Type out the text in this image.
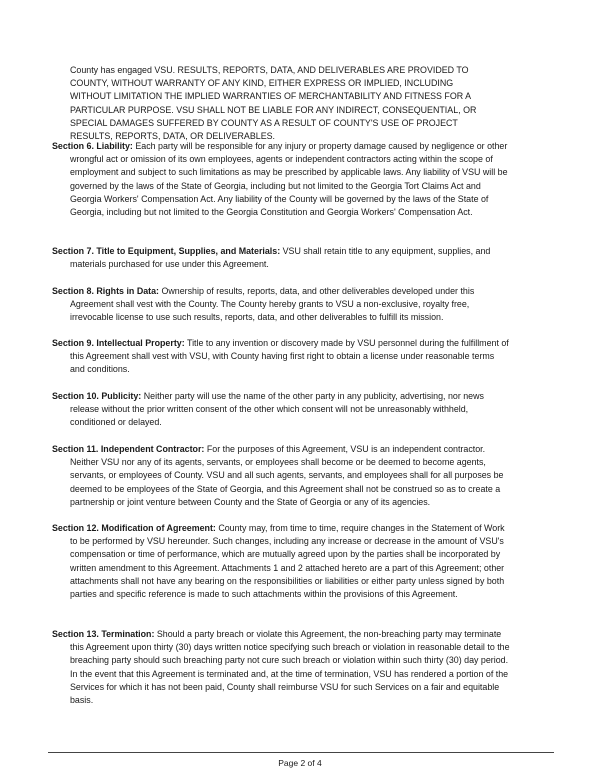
County has engaged VSU. RESULTS, REPORTS, DATA, AND DELIVERABLES ARE PROVIDED TO COUNTY, WITHOUT WARRANTY OF ANY KIND, EITHER EXPRESS OR IMPLIED, INCLUDING WITHOUT LIMITATION THE IMPLIED WARRANTIES OF MERCHANTABILITY AND FITNESS FOR A PARTICULAR PURPOSE. VSU SHALL NOT BE LIABLE FOR ANY INDIRECT, CONSEQUENTIAL, OR SPECIAL DAMAGES SUFFERED BY COUNTY AS A RESULT OF COUNTY'S USE OF PROJECT RESULTS, REPORTS, DATA, OR DELIVERABLES.

Section 6. Liability: Each party will be responsible for any injury or property damage caused by negligence or other wrongful act or omission of its own employees, agents or independent contractors acting within the scope of employment and subject to such limitations as may be prescribed by applicable laws. Any liability of VSU will be governed by the laws of the State of Georgia, including but not limited to the Georgia Tort Claims Act and Georgia Workers' Compensation Act. Any liability of the County will be governed by the laws of the State of Georgia, including but not limited to the Georgia Constitution and Georgia Workers' Compensation Act.

Section 7. Title to Equipment, Supplies, and Materials: VSU shall retain title to any equipment, supplies, and materials purchased for use under this Agreement.

Section 8. Rights in Data: Ownership of results, reports, data, and other deliverables developed under this Agreement shall vest with the County. The County hereby grants to VSU a non-exclusive, royalty free, irrevocable license to use such results, reports, data, and other deliverables to fulfill its mission.

Section 9. Intellectual Property: Title to any invention or discovery made by VSU personnel during the fulfillment of this Agreement shall vest with VSU, with County having first right to obtain a license under reasonable terms and conditions.

Section 10. Publicity: Neither party will use the name of the other party in any publicity, advertising, nor news release without the prior written consent of the other which consent will not be unreasonably withheld, conditioned or delayed.

Section 11. Independent Contractor: For the purposes of this Agreement, VSU is an independent contractor. Neither VSU nor any of its agents, servants, or employees shall become or be deemed to become agents, servants, or employees of County. VSU and all such agents, servants, and employees shall for all purposes be deemed to be employees of the State of Georgia, and this Agreement shall not be construed so as to create a partnership or joint venture between County and the State of Georgia or any of its agencies.

Section 12. Modification of Agreement: County may, from time to time, require changes in the Statement of Work to be performed by VSU hereunder. Such changes, including any increase or decrease in the amount of VSU's compensation or time of performance, which are mutually agreed upon by the parties shall be incorporated by written amendment to this Agreement. Attachments 1 and 2 attached hereto are a part of this Agreement; other attachments shall not have any bearing on the responsibilities or liabilities or either party unless signed by both parties and specific reference is made to such attachments within the provisions of this Agreement.

Section 13. Termination: Should a party breach or violate this Agreement, the non-breaching party may terminate this Agreement upon thirty (30) days written notice specifying such breach or violation in reasonable detail to the breaching party should such breaching party not cure such breach or violation within such thirty (30) day period. In the event that this Agreement is terminated and, at the time of termination, VSU has rendered a portion of the Services for which it has not been paid, County shall reimburse VSU for such Services on a fair and equitable basis.

Page 2 of 4
